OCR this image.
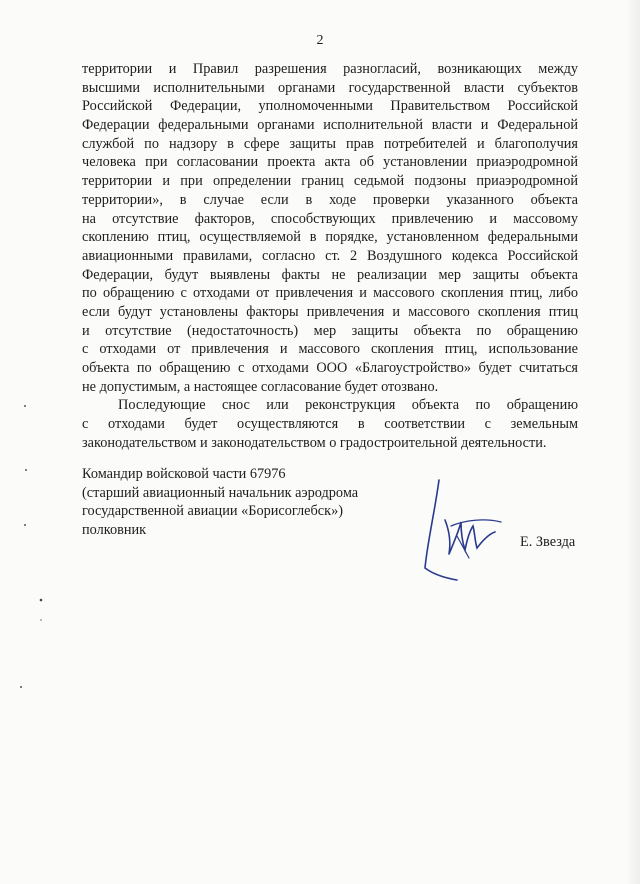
2
территории и Правил разрешения разногласий, возникающих между
высшими исполнительными органами государственной власти субъектов
Российской Федерации, уполномоченными Правительством Российской
Федерации федеральными органами исполнительной власти и Федеральной
службой по надзору в сфере защиты прав потребителей и благополучия
человека при согласовании проекта акта об установлении приаэродромной
территории и при определении границ седьмой подзоны приаэродромной
территории», в случае если в ходе проверки указанного объекта
на отсутствие факторов, способствующих привлечению и массовому
скоплению птиц, осуществляемой в порядке, установленном федеральными
авиационными правилами, согласно ст. 2 Воздушного кодекса Российской
Федерации, будут выявлены факты не реализации мер защиты объекта
по обращению с отходами от привлечения и массового скопления птиц, либо
если будут установлены факторы привлечения и массового скопления птиц
и отсутствие (недостаточность) мер защиты объекта по обращению
с отходами от привлечения и массового скопления птиц, использование
объекта по обращению с отходами ООО «Благоустройство» будет считаться
не допустимым, а настоящее согласование будет отозвано.
Последующие снос или реконструкция объекта по обращению
с отходами будет осуществляются в соответствии с земельным
законодательством и законодательством о градостроительной деятельности.
Командир войсковой части 67976
(старший авиационный начальник аэродрома
государственной авиации «Борисоглебск»)
полковник
Е. Звезда
